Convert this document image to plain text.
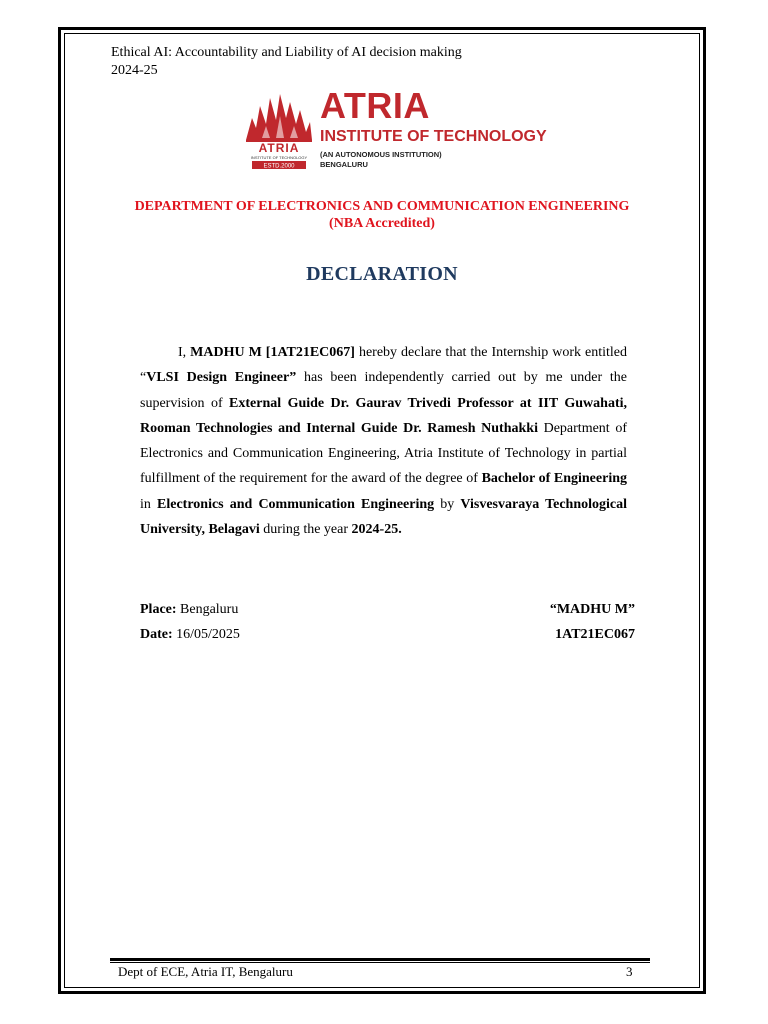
Ethical AI: Accountability and Liability of AI decision making
2024-25
ATRIA
INSTITUTE OF TECHNOLOGY
ESTD.2000
ATRIA
INSTITUTE OF TECHNOLOGY
(AN AUTONOMOUS INSTITUTION)
BENGALURU
DEPARTMENT OF ELECTRONICS AND COMMUNICATION ENGINEERING
(NBA Accredited)
DECLARATION
I, MADHU M [1AT21EC067] hereby declare that the Internship work entitled
“VLSI Design Engineer” has been independently carried out by me under the
supervision of External Guide Dr. Gaurav Trivedi Professor at IIT Guwahati,
Rooman Technologies and Internal Guide Dr. Ramesh Nuthakki Department of
Electronics and Communication Engineering, Atria Institute of Technology in partial
fulfillment of the requirement for the award of the degree of Bachelor of Engineering
in Electronics and Communication Engineering by Visvesvaraya Technological
University, Belagavi during the year 2024-25.
Place: Bengaluru
Date: 16/05/2025
“MADHU M”
1AT21EC067
Dept of ECE, Atria IT, Bengaluru	3
